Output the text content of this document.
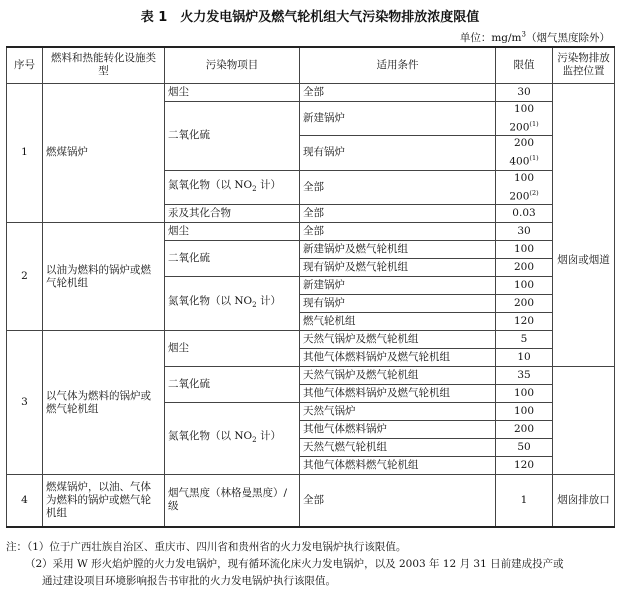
表 1　火力发电锅炉及燃气轮机组大气污染物排放浓度限值
单位：$mg/m^3$（烟气黑度除外）
序号	燃料和热能转化设施类型	污染物项目	适用条件	限值	污染物排放监控位置
1	燃煤锅炉	烟尘	全部	30	烟囱或烟道

		二氧化硫	新建锅炉	100
200$^{(1)}$

			现有锅炉	200
400$^{(1)}$

		氮氧化物（以 $NO_2$ 计）	全部	100
200$^{(2)}$

		汞及其化合物	全部	0.03	
2	以油为燃料的锅炉或燃气轮机组	烟尘	全部	30	
		二氧化硫	新建锅炉及燃气轮机组	100	
			现有锅炉及燃气轮机组	200	
		氮氧化物（以 $NO_2$ 计）	新建锅炉	100	
			现有锅炉	200	
			燃气轮机组	120	
3	以气体为燃料的锅炉或燃气轮机组	烟尘	天然气锅炉及燃气轮机组	5	
			其他气体燃料锅炉及燃气轮机组	10	
		二氧化硫	天然气锅炉及燃气轮机组	35	
			其他气体燃料锅炉及燃气轮机组	100	
		氮氧化物（以 $NO_2$ 计）	天然气锅炉	100	
			其他气体燃料锅炉	200	
			天然气燃气轮机组	50	
			其他气体燃料燃气轮机组	120	
4	燃煤锅炉，以油、气体为燃料的锅炉或燃气轮机组	烟气黑度（林格曼黑度）/级	全部	1	烟囱排放口
注：（1）位于广西壮族自治区、重庆市、四川省和贵州省的火力发电锅炉执行该限值。
（2）采用 W 形火焰炉膛的火力发电锅炉，现有循环流化床火力发电锅炉，以及 2003 年 12 月 31 日前建成投产或
通过建设项目环境影响报告书审批的火力发电锅炉执行该限值。
